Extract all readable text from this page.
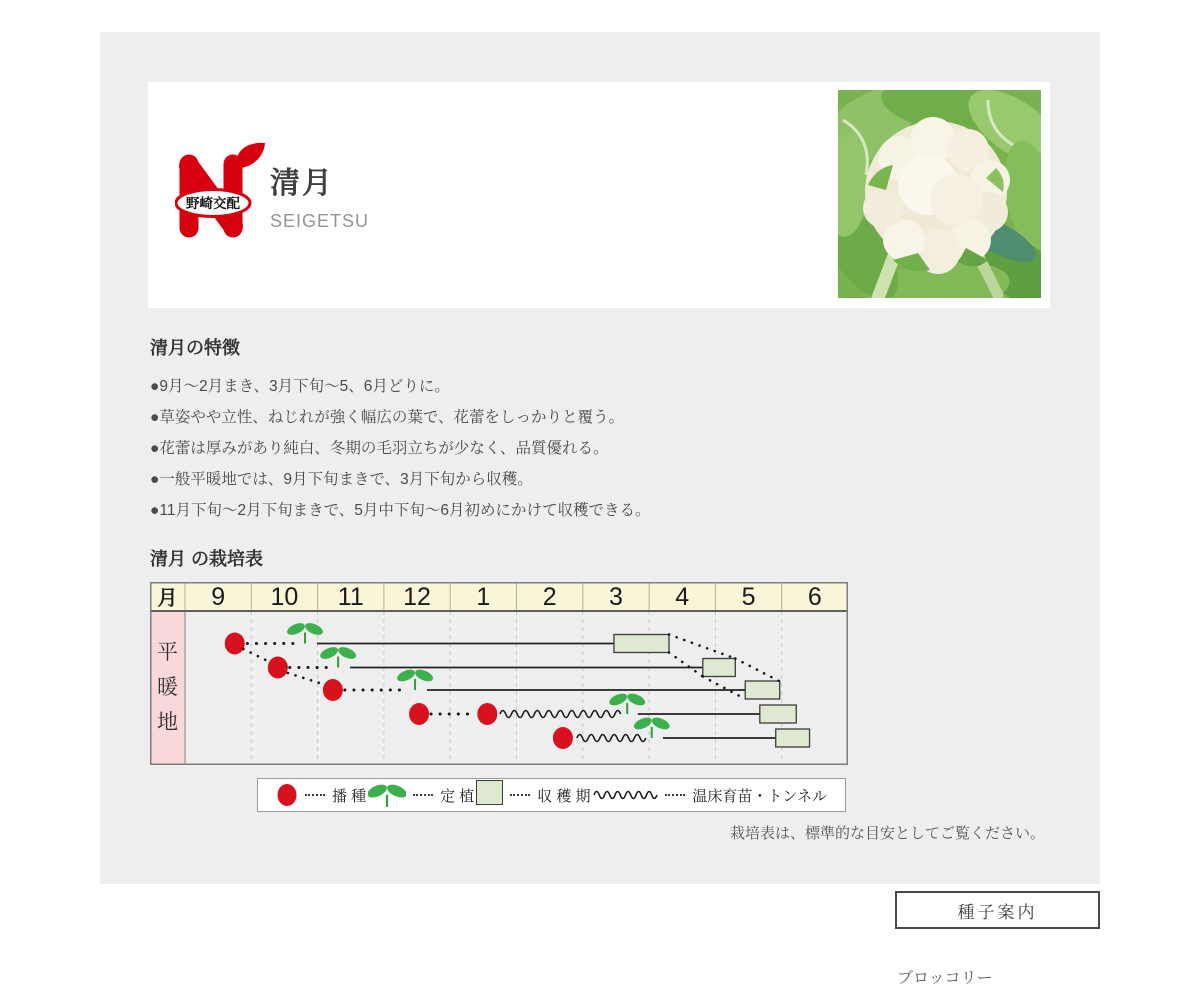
野崎交配
清月
SEIGETSU
清月の特徴
●9月～2月まき、3月下旬～5、6月どりに。
●草姿やや立性、ねじれが強く幅広の葉で、花蕾をしっかりと覆う。
●花蕾は厚みがあり純白、冬期の毛羽立ちが少なく、品質優れる。
●一般平暖地では、9月下旬まきで、3月下旬から収穫。
●11月下旬～2月下旬まきで、5月中下旬～6月初めにかけて収穫できる。
清月 の栽培表
9 10 11 12 1 2 3 4 5 6
月
平
暖
地
播 種	定 植	収 穫 期	温床育苗・トンネル
栽培表は、標準的な目安としてご覧ください。
種子案内
ブロッコリー
